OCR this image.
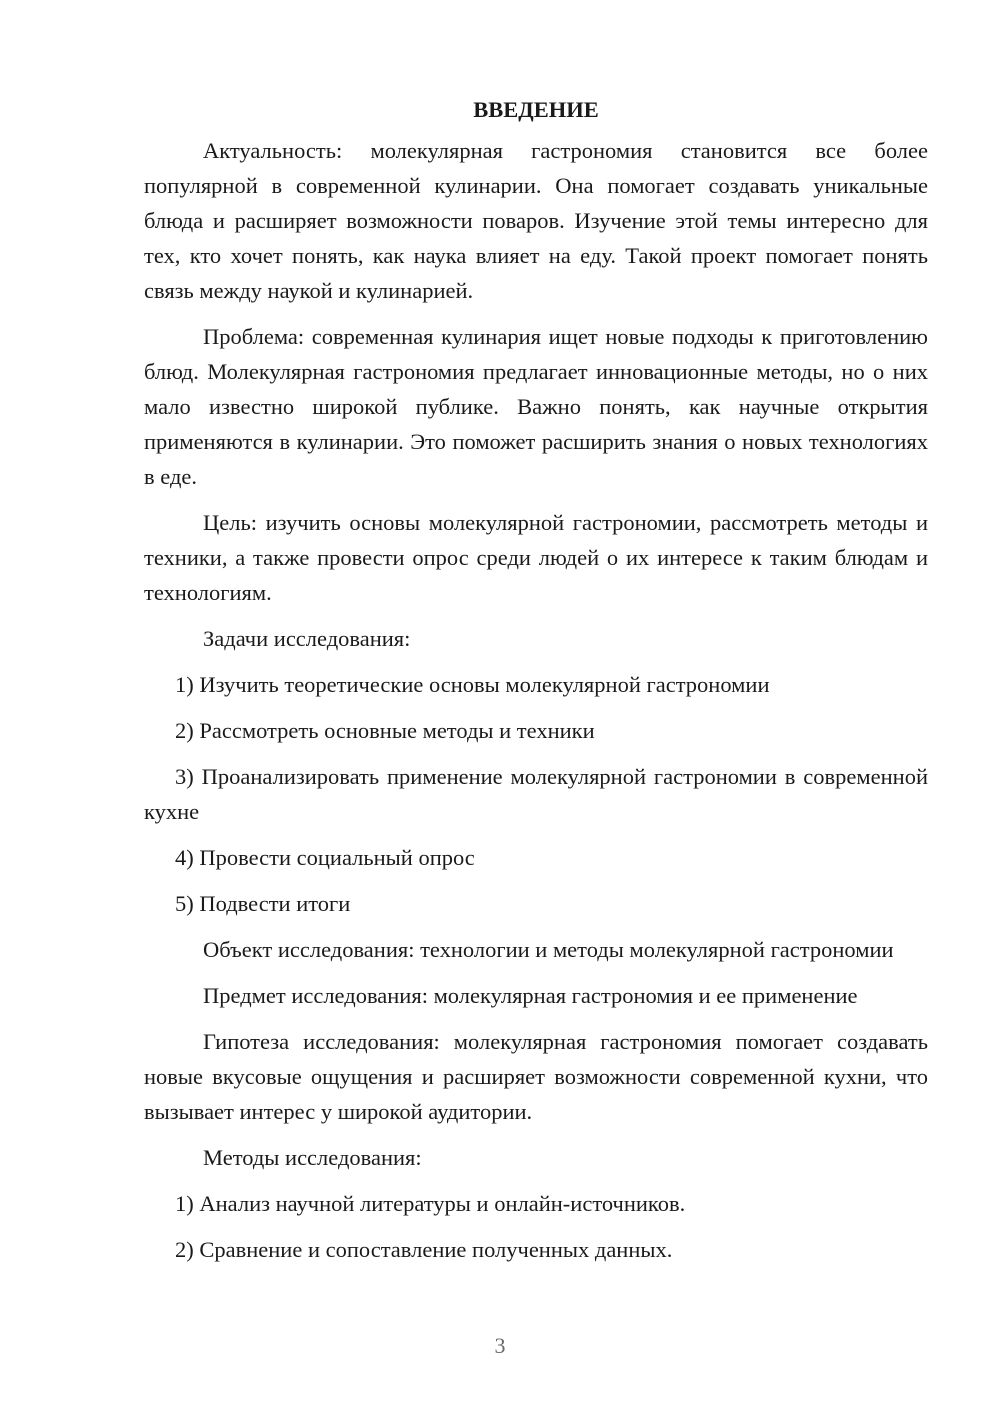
ВВЕДЕНИЕ

Актуальность: молекулярная гастрономия становится все более популярной в современной кулинарии. Она помогает создавать уникальные блюда и расширяет возможности поваров. Изучение этой темы интересно для тех, кто хочет понять, как наука влияет на еду. Такой проект помогает понять связь между наукой и кулинарией.

Проблема: современная кулинария ищет новые подходы к приготовлению блюд. Молекулярная гастрономия предлагает инновационные методы, но о них мало известно широкой публике. Важно понять, как научные открытия применяются в кулинарии. Это поможет расширить знания о новых технологиях в еде.

Цель: изучить основы молекулярной гастрономии, рассмотреть методы и техники, а также провести опрос среди людей о их интересе к таким блюдам и технологиям.

Задачи исследования:

1) Изучить теоретические основы молекулярной гастрономии

2) Рассмотреть основные методы и техники

3) Проанализировать применение молекулярной гастрономии в современной кухне

4) Провести социальный опрос

5) Подвести итоги

Объект исследования: технологии и методы молекулярной гастрономии

Предмет исследования: молекулярная гастрономия и ее применение

Гипотеза исследования: молекулярная гастрономия помогает создавать новые вкусовые ощущения и расширяет возможности современной кухни, что вызывает интерес у широкой аудитории.

Методы исследования:

1) Анализ научной литературы и онлайн-источников.

2) Сравнение и сопоставление полученных данных.

3
